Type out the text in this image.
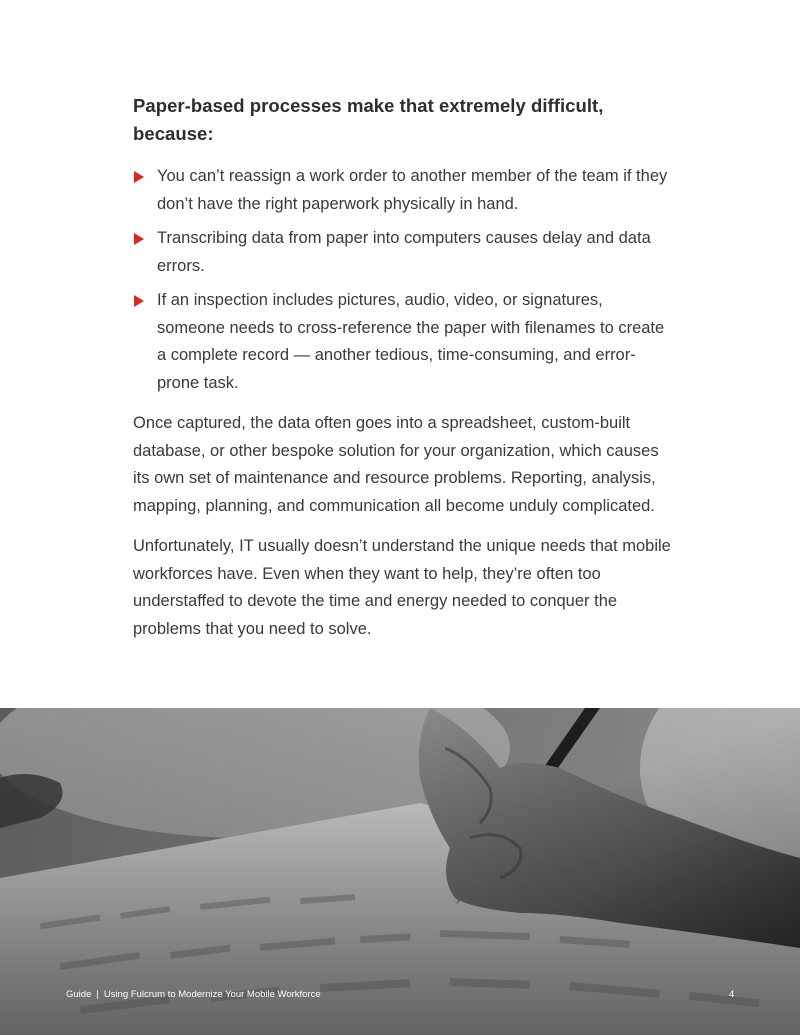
Paper-based processes make that extremely difficult, because:
You can’t reassign a work order to another member of the team if they don’t have the right paperwork physically in hand.
Transcribing data from paper into computers causes delay and data errors.
If an inspection includes pictures, audio, video, or signatures, someone needs to cross-reference the paper with filenames to create a complete record — another tedious, time-consuming, and error-prone task.

Once captured, the data often goes into a spreadsheet, custom-built database, or other bespoke solution for your organization, which causes its own set of maintenance and resource problems. Reporting, analysis, mapping, planning, and communication all become unduly complicated.

Unfortunately, IT usually doesn’t understand the unique needs that mobile workforces have. Even when they want to help, they’re often too understaffed to devote the time and energy needed to conquer the problems that you need to solve.

Guide | Using Fulcrum to Modernize Your Mobile Workforce	4
